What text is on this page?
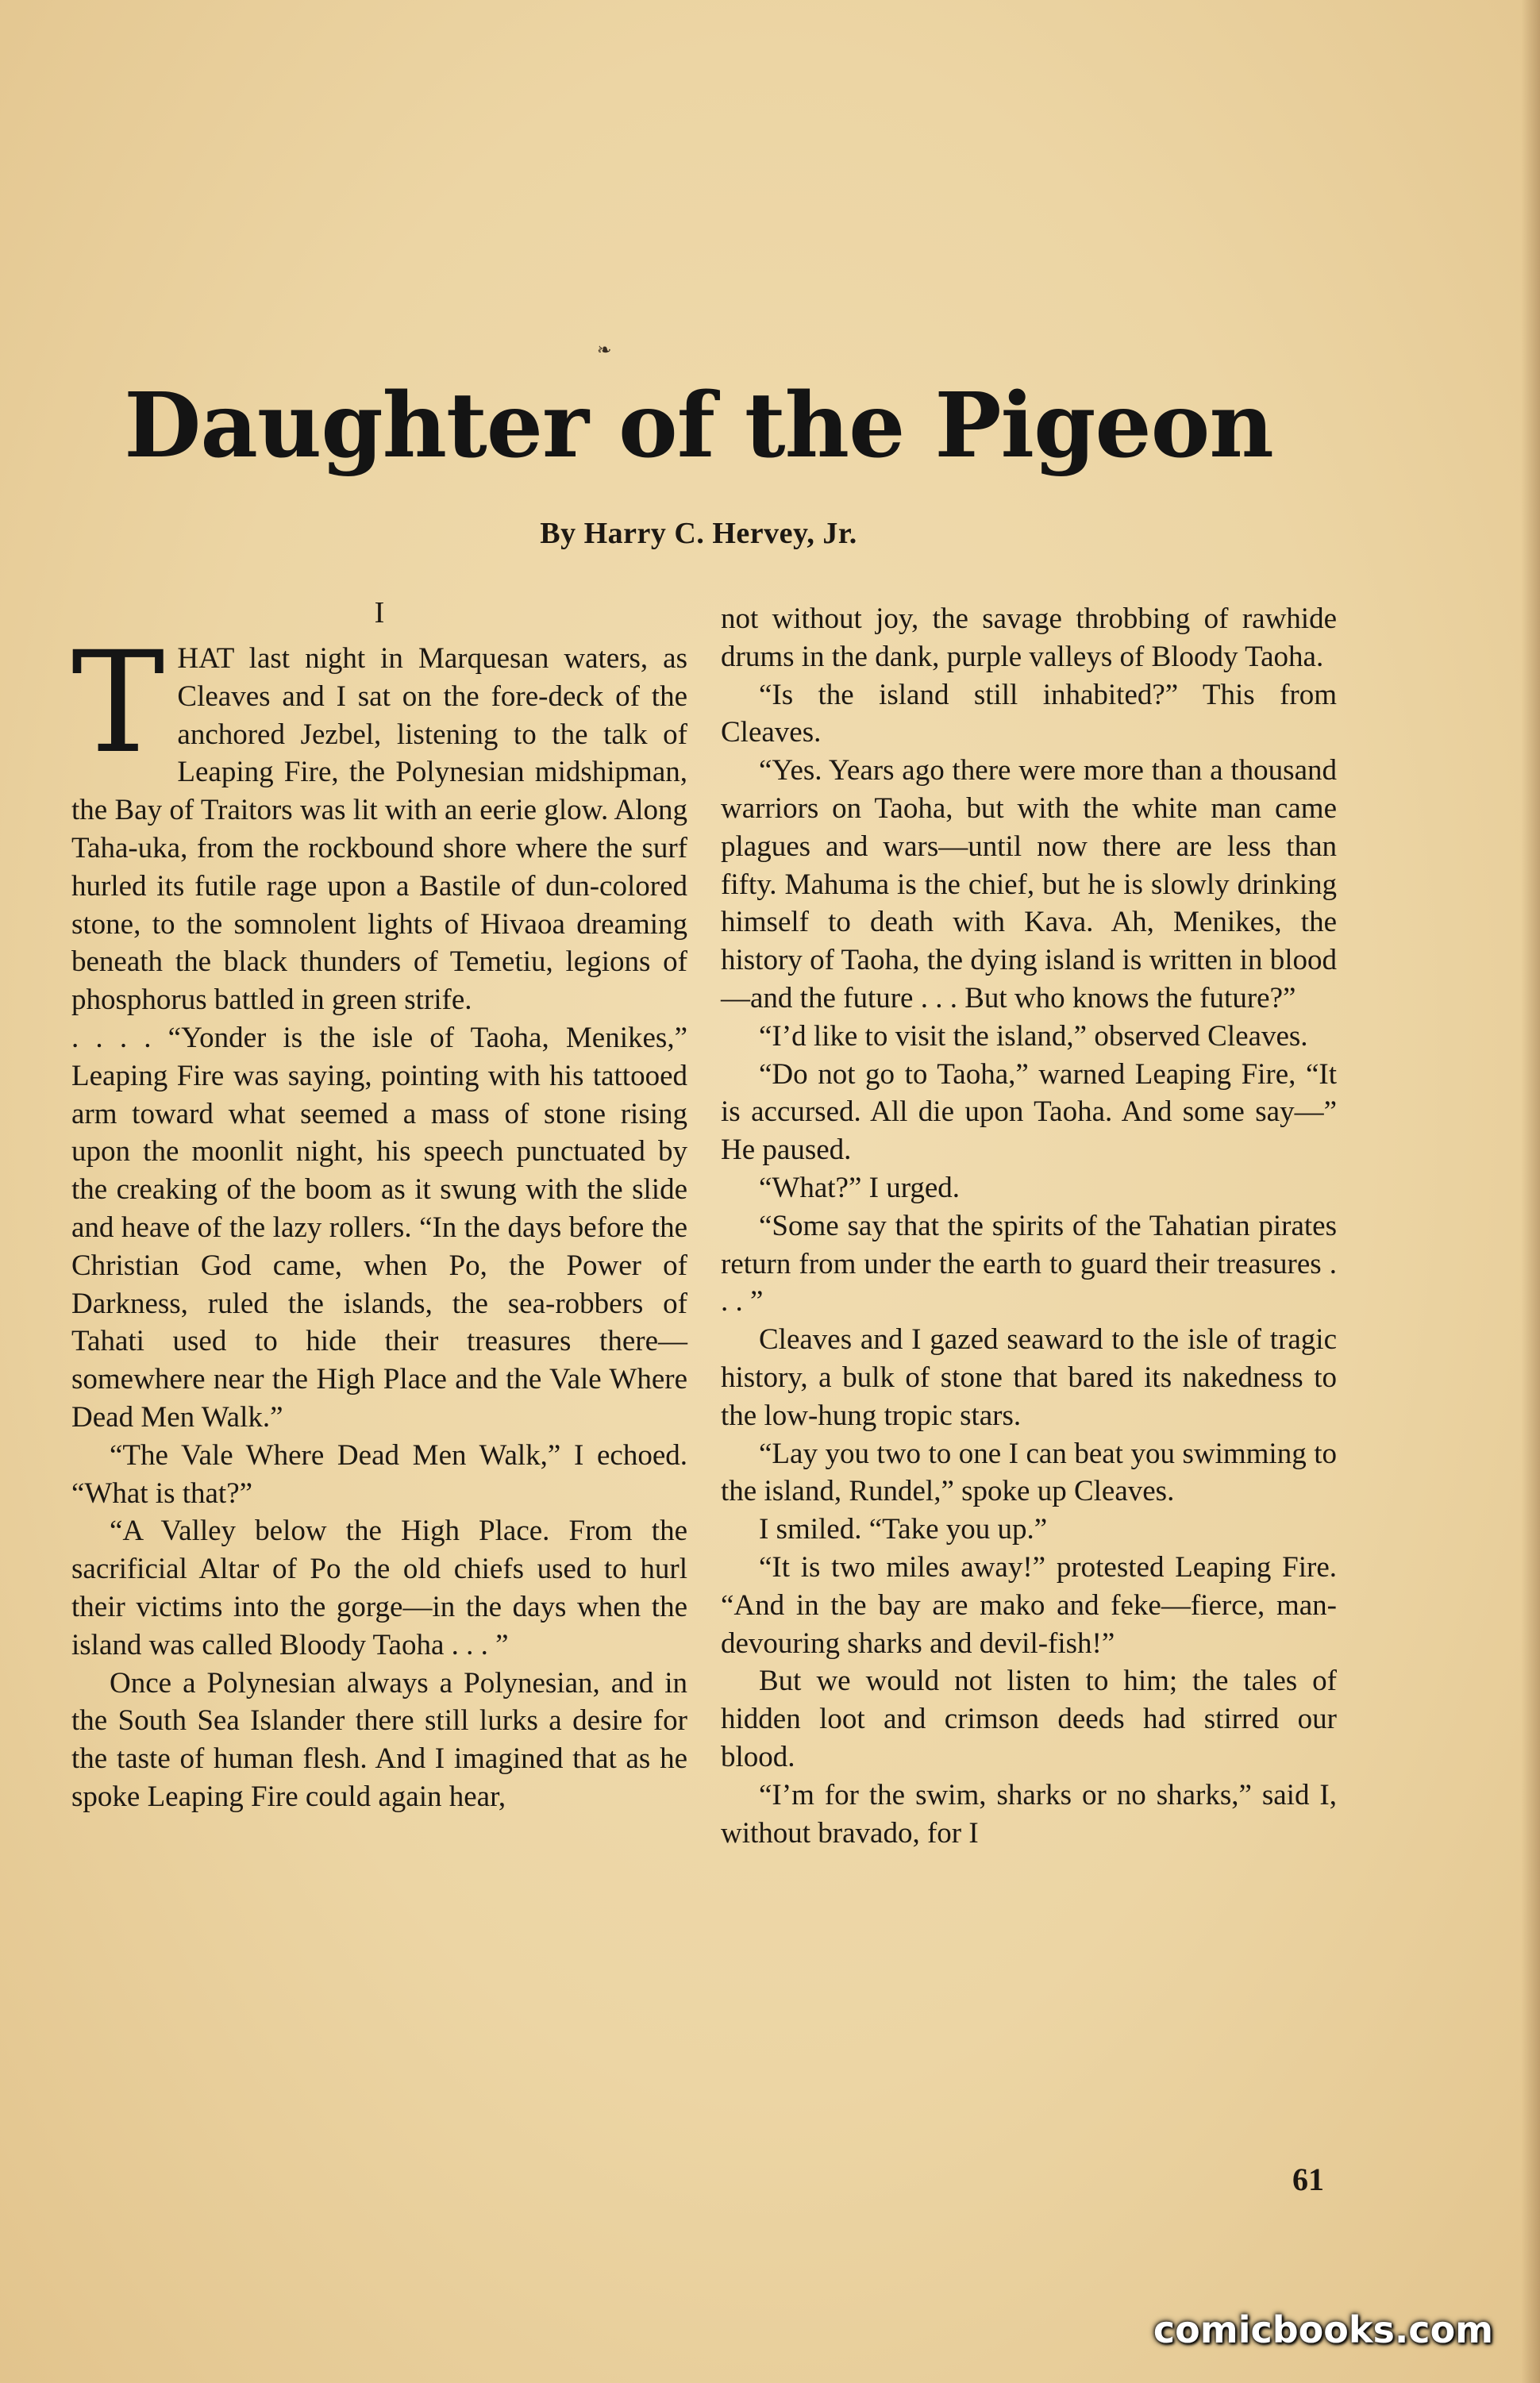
❧
Daughter of the Pigeon
By Harry C. Hervey, Jr.
I
T HAT last night in Marquesan waters, as Cleaves and I sat on the fore-deck of the anchored Jezbel, listening to the talk of Leaping Fire, the Polynesian midshipman, the Bay of Traitors was lit with an eerie glow. Along Taha-uka, from the rockbound shore where the surf hurled its futile rage upon a Bastile of dun-colored stone, to the somnolent lights of Hivaoa dreaming beneath the black thunders of Temetiu, legions of phosphorus battled in green strife.

. . . . “Yonder is the isle of Taoha, Menikes,” Leaping Fire was saying, pointing with his tattooed arm toward what seemed a mass of stone rising upon the moonlit night, his speech punctuated by the creaking of the boom as it swung with the slide and heave of the lazy rollers. “In the days before the Christian God came, when Po, the Power of Darkness, ruled the islands, the sea-robbers of Tahati used to hide their treasures there—somewhere near the High Place and the Vale Where Dead Men Walk.”

“The Vale Where Dead Men Walk,” I echoed. “What is that?”

“A Valley below the High Place. From the sacrificial Altar of Po the old chiefs used to hurl their victims into the gorge—in the days when the island was called Bloody Taoha . . . ”

Once a Polynesian always a Polynesian, and in the South Sea Islander there still lurks a desire for the taste of human flesh. And I imagined that as he spoke Leaping Fire could again hear,

not without joy, the savage throbbing of rawhide drums in the dank, purple valleys of Bloody Taoha.

“Is the island still inhabited?” This from Cleaves.

“Yes. Years ago there were more than a thousand warriors on Taoha, but with the white man came plagues and wars—until now there are less than fifty. Mahuma is the chief, but he is slowly drinking himself to death with Kava. Ah, Menikes, the history of Taoha, the dying island is written in blood—and the future . . . But who knows the future?”

“I’d like to visit the island,” observed Cleaves.

“Do not go to Taoha,” warned Leaping Fire, “It is accursed. All die upon Taoha. And some say—” He paused.

“What?” I urged.

“Some say that the spirits of the Tahatian pirates return from under the earth to guard their treasures . . . ”

Cleaves and I gazed seaward to the isle of tragic history, a bulk of stone that bared its nakedness to the low-hung tropic stars.

“Lay you two to one I can beat you swimming to the island, Rundel,” spoke up Cleaves.

I smiled. “Take you up.”

“It is two miles away!” protested Leaping Fire. “And in the bay are mako and feke—fierce, man-devouring sharks and devil-fish!”

But we would not listen to him; the tales of hidden loot and crimson deeds had stirred our blood.

“I’m for the swim, sharks or no sharks,” said I, without bravado, for I

61
comicbooks.com
